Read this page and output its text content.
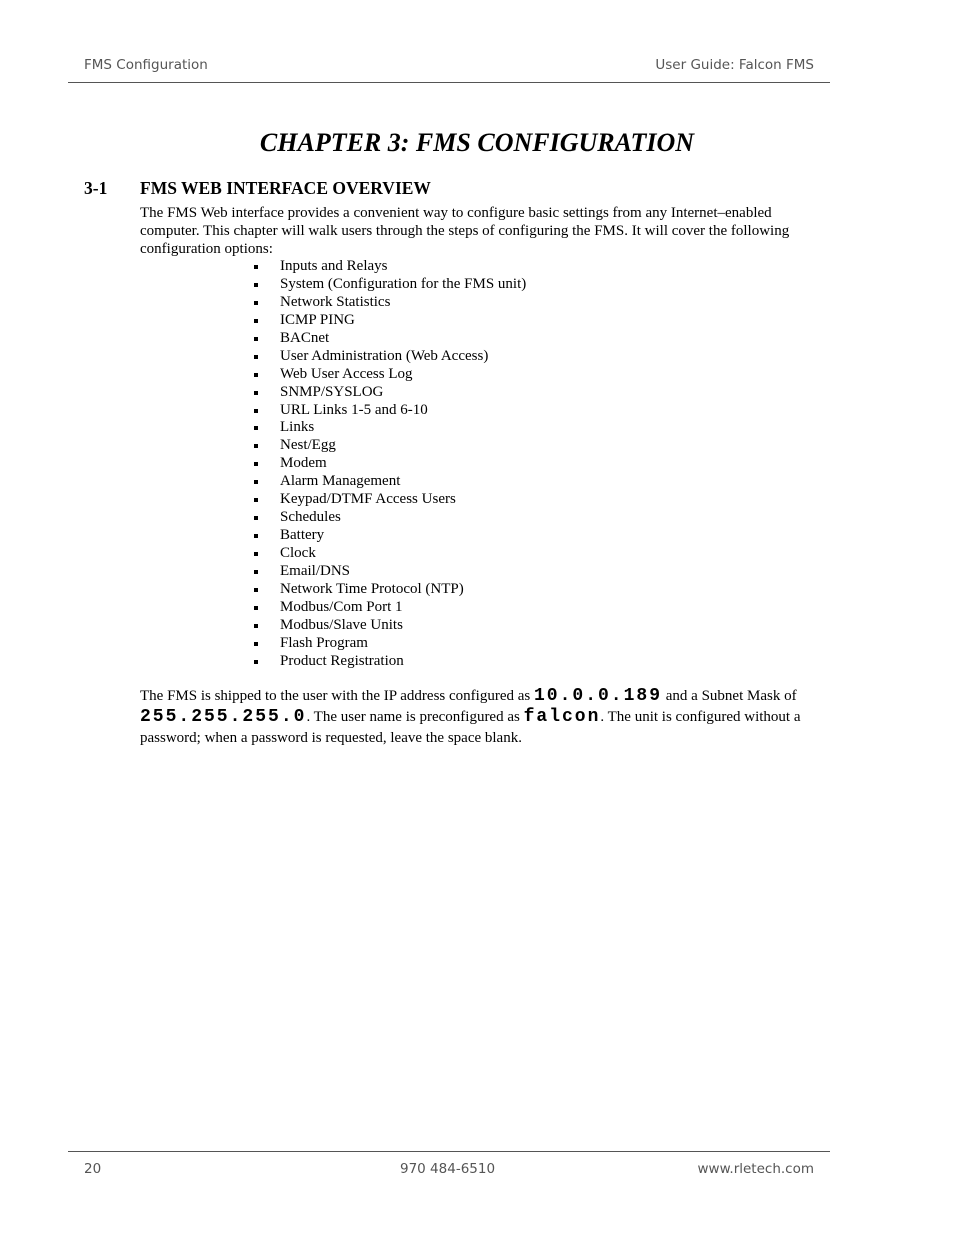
FMS Configuration	User Guide: Falcon FMS
CHAPTER 3: FMS CONFIGURATION
3-1 FMS WEB INTERFACE OVERVIEW

The FMS Web interface provides a convenient way to configure basic settings from any Internet–enabled computer. This chapter will walk users through the steps of configuring the FMS. It will cover the following configuration options:

Inputs and Relays
System (Configuration for the FMS unit)
Network Statistics
ICMP PING
BACnet
User Administration (Web Access)
Web User Access Log
SNMP/SYSLOG
URL Links 1-5 and 6-10
Links
Nest/Egg
Modem
Alarm Management
Keypad/DTMF Access Users
Schedules
Battery
Clock
Email/DNS
Network Time Protocol (NTP)
Modbus/Com Port 1
Modbus/Slave Units
Flash Program
Product Registration

The FMS is shipped to the user with the IP address configured as 10.0.0.189 and a Subnet Mask of 255.255.255.0. The user name is preconfigured as falcon. The unit is configured without a password; when a password is requested, leave the space blank.

20	970 484-6510	www.rletech.com
